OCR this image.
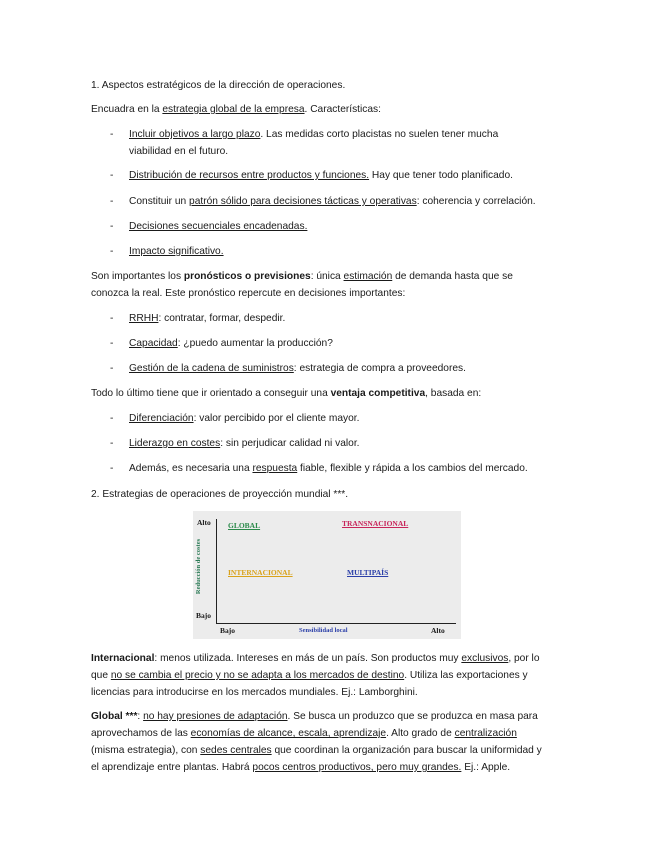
1. Aspectos estratégicos de la dirección de operaciones.
Encuadra en la estrategia global de la empresa. Características:
- Incluir objetivos a largo plazo. Las medidas corto placistas no suelen tener mucha
viabilidad en el futuro.
- Distribución de recursos entre productos y funciones. Hay que tener todo planificado.
- Constituir un patrón sólido para decisiones tácticas y operativas: coherencia y correlación.
- Decisiones secuenciales encadenadas.
- Impacto significativo.
Son importantes los pronósticos o previsiones: única estimación de demanda hasta que se
conozca la real. Este pronóstico repercute en decisiones importantes:
- RRHH: contratar, formar, despedir.
- Capacidad: ¿puedo aumentar la producción?
- Gestión de la cadena de suministros: estrategia de compra a proveedores.
Todo lo último tiene que ir orientado a conseguir una ventaja competitiva, basada en:
- Diferenciación: valor percibido por el cliente mayor.
- Liderazgo en costes: sin perjudicar calidad ni valor.
- Además, es necesaria una respuesta fiable, flexible y rápida a los cambios del mercado.
2. Estrategias de operaciones de proyección mundial ***.
Reducción de costes
Alto
Bajo
Bajo	Sensibilidad local	Alto
GLOBAL	TRANSNACIONAL
INTERNACIONAL	MULTIPAÍS
Internacional: menos utilizada. Intereses en más de un país. Son productos muy exclusivos, por lo
que no se cambia el precio y no se adapta a los mercados de destino. Utiliza las exportaciones y
licencias para introducirse en los mercados mundiales. Ej.: Lamborghini.
Global ***: no hay presiones de adaptación. Se busca un produzco que se produzca en masa para
aprovechamos de las economías de alcance, escala, aprendizaje. Alto grado de centralización
(misma estrategia), con sedes centrales que coordinan la organización para buscar la uniformidad y
el aprendizaje entre plantas. Habrá pocos centros productivos, pero muy grandes. Ej.: Apple.
